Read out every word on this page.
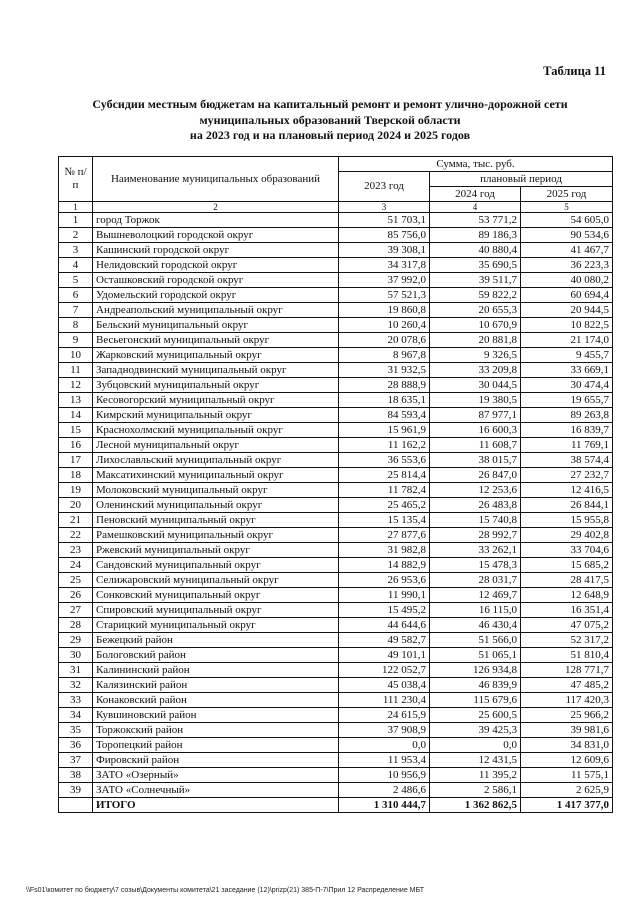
Таблица 11
Субсидии местным бюджетам на капитальный ремонт и ремонт улично-дорожной сети
муниципальных образований Тверской области
на 2023 год и на плановый период 2024 и 2025 годов
№ п/п	Наименование муниципальных образований	Сумма, тыс. руб.		
		2023 год	плановый период	
			2024 год	2025 год
1	2	3	4	5
1	город Торжок	51 703,1	53 771,2	54 605,0
2	Вышневолоцкий городской округ	85 756,0	89 186,3	90 534,6
3	Кашинский городской округ	39 308,1	40 880,4	41 467,7
4	Нелидовский городской округ	34 317,8	35 690,5	36 223,3
5	Осташковский городской округ	37 992,0	39 511,7	40 080,2
6	Удомельский городской округ	57 521,3	59 822,2	60 694,4
7	Андреапольский муниципальный округ	19 860,8	20 655,3	20 944,5
8	Бельский муниципальный округ	10 260,4	10 670,9	10 822,5
9	Весьегонский муниципальный округ	20 078,6	20 881,8	21 174,0
10	Жарковский муниципальный округ	8 967,8	9 326,5	9 455,7
11	Западнодвинский муниципальный округ	31 932,5	33 209,8	33 669,1
12	Зубцовский муниципальный округ	28 888,9	30 044,5	30 474,4
13	Кесовогорский муниципальный округ	18 635,1	19 380,5	19 655,7
14	Кимрский муниципальный округ	84 593,4	87 977,1	89 263,8
15	Краснохолмский муниципальный округ	15 961,9	16 600,3	16 839,7
16	Лесной муниципальный округ	11 162,2	11 608,7	11 769,1
17	Лихославльский муниципальный округ	36 553,6	38 015,7	38 574,4
18	Максатихинский муниципальный округ	25 814,4	26 847,0	27 232,7
19	Молоковский муниципальный округ	11 782,4	12 253,6	12 416,5
20	Оленинский муниципальный округ	25 465,2	26 483,8	26 844,1
21	Пеновский муниципальный округ	15 135,4	15 740,8	15 955,8
22	Рамешковский муниципальный округ	27 877,6	28 992,7	29 402,8
23	Ржевский муниципальный округ	31 982,8	33 262,1	33 704,6
24	Сандовский муниципальный округ	14 882,9	15 478,3	15 685,2
25	Селижаровский муниципальный округ	26 953,6	28 031,7	28 417,5
26	Сонковский муниципальный округ	11 990,1	12 469,7	12 648,9
27	Спировский муниципальный округ	15 495,2	16 115,0	16 351,4
28	Старицкий муниципальный округ	44 644,6	46 430,4	47 075,2
29	Бежецкий район	49 582,7	51 566,0	52 317,2
30	Бологовский район	49 101,1	51 065,1	51 810,4
31	Калининский район	122 052,7	126 934,8	128 771,7
32	Калязинский район	45 038,4	46 839,9	47 485,2
33	Конаковский район	111 230,4	115 679,6	117 420,3
34	Кувшиновский район	24 615,9	25 600,5	25 966,2
35	Торжокский район	37 908,9	39 425,3	39 981,6
36	Торопецкий район	0,0	0,0	34 831,0
37	Фировский район	11 953,4	12 431,5	12 609,6
38	ЗАТО «Озерный»	10 956,9	11 395,2	11 575,1
39	ЗАТО «Солнечный»	2 486,6	2 586,1	2 625,9
	ИТОГО	1 310 444,7	1 362 862,5	1 417 377,0
\\Fs01\комитет по бюджету\7 созыв\Документы комитета\21 заседание (12)\prizp(21) 385-П-7\Прил 12 Распределение МБТ
